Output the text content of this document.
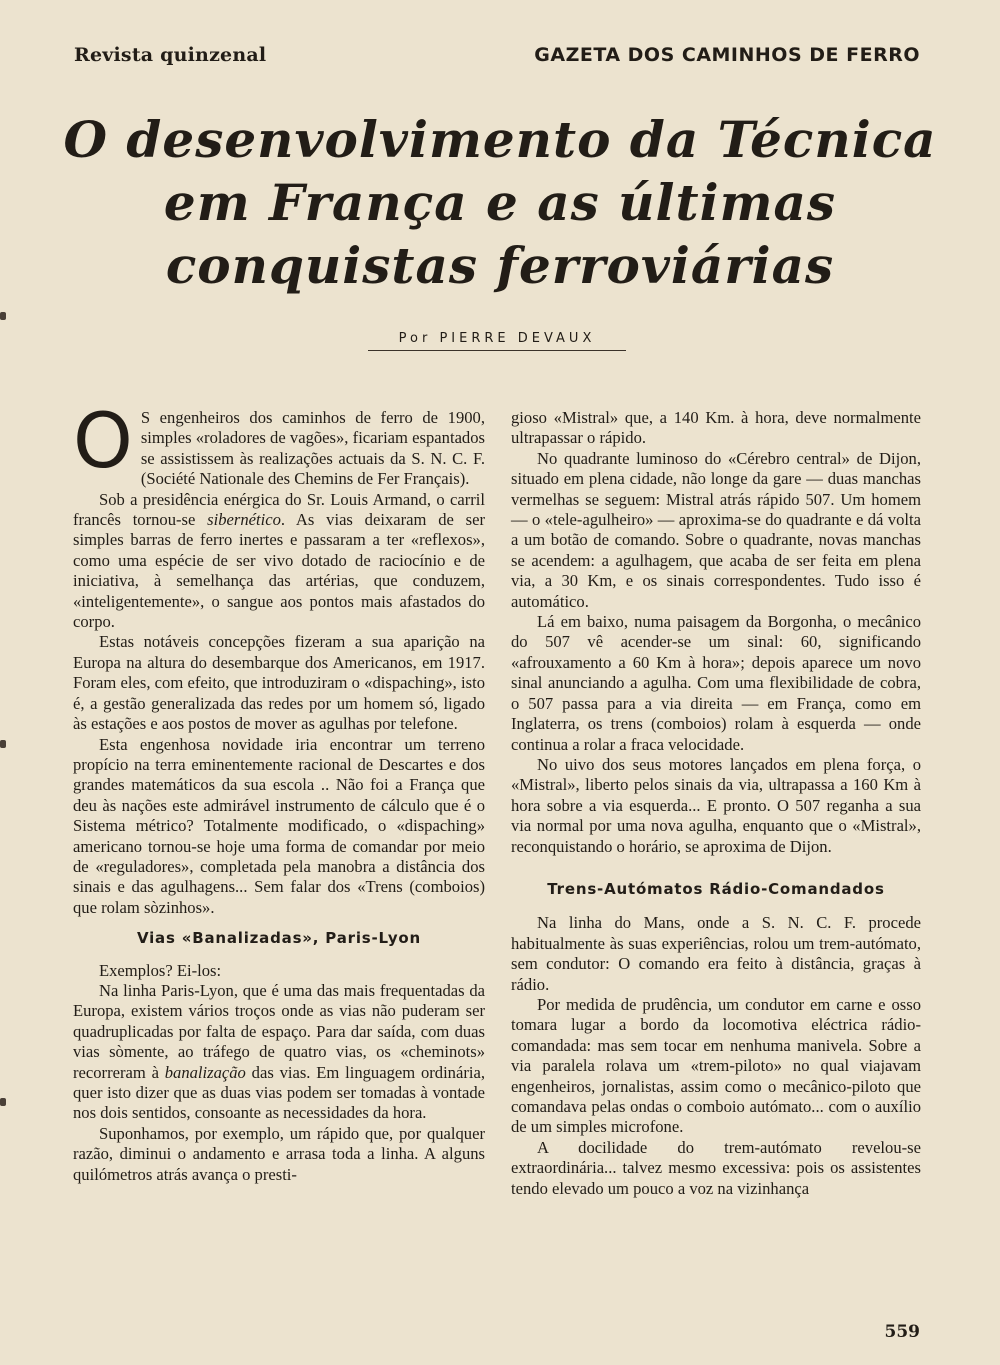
Revista quinzenal	GAZETA DOS CAMINHOS DE FERRO
O desenvolvimento da Técnica em França e as últimas conquistas ferroviárias
Por PIERRE DEVAUX

O S engenheiros dos caminhos de ferro de 1900, simples «roladores de vagões», ficariam espantados se assistissem às realizações actuais da S. N. C. F. (Société Nationale des Chemins de Fer Français).

Sob a presidência enérgica do Sr. Louis Armand, o carril francês tornou-se sibernético. As vias deixaram de ser simples barras de ferro inertes e passaram a ter «reflexos», como uma espécie de ser vivo dotado de raciocínio e de iniciativa, à semelhança das artérias, que conduzem, «inteligentemente», o sangue aos pontos mais afastados do corpo.

Estas notáveis concepções fizeram a sua aparição na Europa na altura do desembarque dos Americanos, em 1917. Foram eles, com efeito, que introduziram o «dispaching», isto é, a gestão generalizada das redes por um homem só, ligado às estações e aos postos de mover as agulhas por telefone.

Esta engenhosa novidade iria encontrar um terreno propício na terra eminentemente racional de Descartes e dos grandes matemáticos da sua escola .. Não foi a França que deu às nações este admirável instrumento de cálculo que é o Sistema métrico? Totalmente modificado, o «dispaching» americano tornou-se hoje uma forma de comandar por meio de «reguladores», completada pela manobra a distância dos sinais e das agulhagens... Sem falar dos «Trens (comboios) que rolam sòzinhos».

Vias «Banalizadas», Paris-Lyon

Exemplos? Ei-los:

Na linha Paris-Lyon, que é uma das mais frequentadas da Europa, existem vários troços onde as vias não puderam ser quadruplicadas por falta de espaço. Para dar saída, com duas vias sòmente, ao tráfego de quatro vias, os «cheminots» recorreram à banalização das vias. Em linguagem ordinária, quer isto dizer que as duas vias podem ser tomadas à vontade nos dois sentidos, consoante as necessidades da hora.

Suponhamos, por exemplo, um rápido que, por qualquer razão, diminui o andamento e arrasa toda a linha. A alguns quilómetros atrás avança o presti-

gioso «Mistral» que, a 140 Km. à hora, deve normalmente ultrapassar o rápido.

No quadrante luminoso do «Cérebro central» de Dijon, situado em plena cidade, não longe da gare — duas manchas vermelhas se seguem: Mistral atrás rápido 507. Um homem — o «tele-agulheiro» — aproxima-se do quadrante e dá volta a um botão de comando. Sobre o quadrante, novas manchas se acendem: a agulhagem, que acaba de ser feita em plena via, a 30 Km, e os sinais correspondentes. Tudo isso é automático.

Lá em baixo, numa paisagem da Borgonha, o mecânico do 507 vê acender-se um sinal: 60, significando «afrouxamento a 60 Km à hora»; depois aparece um novo sinal anunciando a agulha. Com uma flexibilidade de cobra, o 507 passa para a via direita — em França, como em Inglaterra, os trens (comboios) rolam à esquerda — onde continua a rolar a fraca velocidade.

No uivo dos seus motores lançados em plena força, o «Mistral», liberto pelos sinais da via, ultrapassa a 160 Km à hora sobre a via esquerda... E pronto. O 507 reganha a sua via normal por uma nova agulha, enquanto que o «Mistral», reconquistando o horário, se aproxima de Dijon.

Trens-Autómatos Rádio-Comandados

Na linha do Mans, onde a S. N. C. F. procede habitualmente às suas experiências, rolou um trem-autómato, sem condutor: O comando era feito à distância, graças à rádio.

Por medida de prudência, um condutor em carne e osso tomara lugar a bordo da locomotiva eléctrica rádio-comandada: mas sem tocar em nenhuma manivela. Sobre a via paralela rolava um «trem-piloto» no qual viajavam engenheiros, jornalistas, assim como o mecânico-piloto que comandava pelas ondas o comboio autómato... com o auxílio de um simples microfone.

A docilidade do trem-autómato revelou-se extraordinária... talvez mesmo excessiva: pois os assistentes tendo elevado um pouco a voz na vizinhança

559
